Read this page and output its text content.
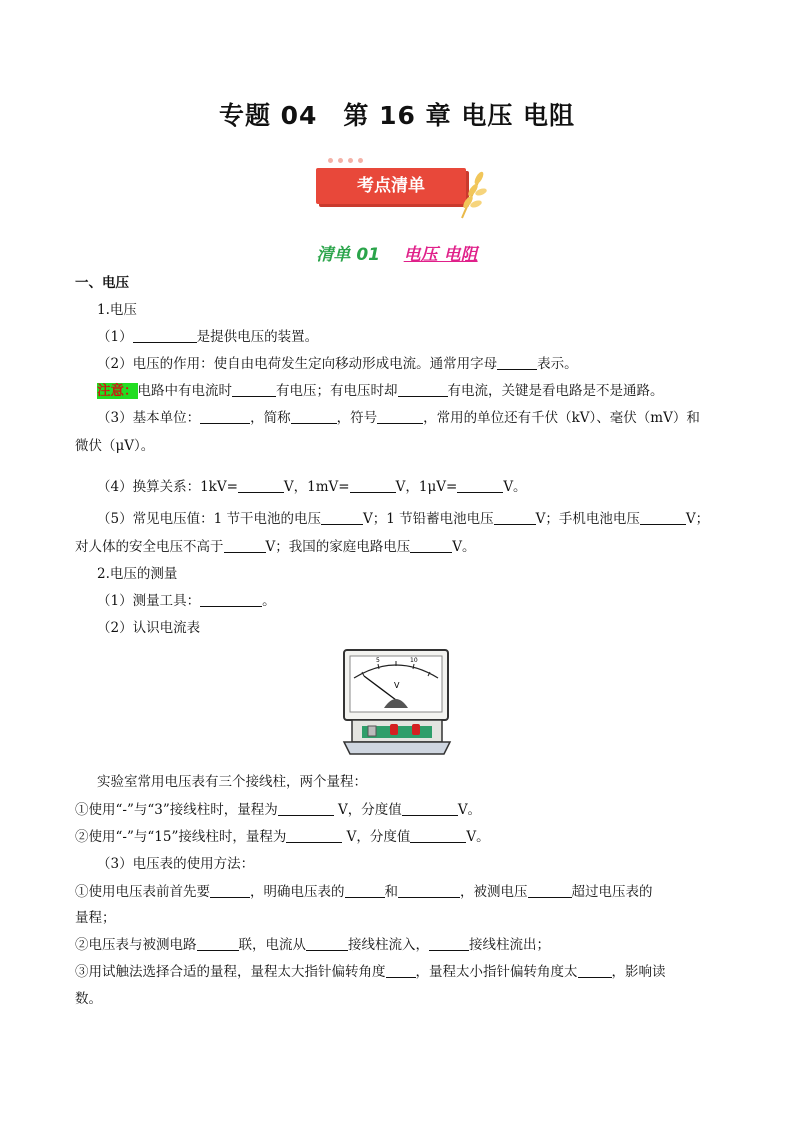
专题 04　第 16 章 电压 电阻
考点清单
清单 01 电压 电阻
一、电压
1.电压
（1）	是提供电压的装置。
（2）电压的作用：使自由电荷发生定向移动形成电流。通常用字母	表示。
注意：电路中有电流时	有电压；有电压时却	有电流，关键是看电路是不是通路。
（3）基本单位：	，简称	，符号	，常用的单位还有千伏（kV）、毫伏（mV）和
微伏（μV）。
（4）换算关系：1kV=	V，1mV=	V，1μV=	V。
（5）常见电压值：1 节干电池的电压	V；1 节铅蓄电池电压	V；手机电池电压	V；
对人体的安全电压不高于	V；我国的家庭电路电压	V。
2.电压的测量
（1）测量工具：	。
（2）认识电流表
5	10
V
实验室常用电压表有三个接线柱，两个量程：
①使用“-”与“3”接线柱时，量程为	V，分度值	V。
②使用“-”与“15”接线柱时，量程为	V，分度值	V。
（3）电压表的使用方法：
①使用电压表前首先要	，明确电压表的	和	，被测电压	超过电压表的
量程；
②电压表与被测电路	联，电流从	接线柱流入，	接线柱流出；
③用试触法选择合适的量程，量程太大指针偏转角度 ，量程太小指针偏转角度太	，影响读
数。
